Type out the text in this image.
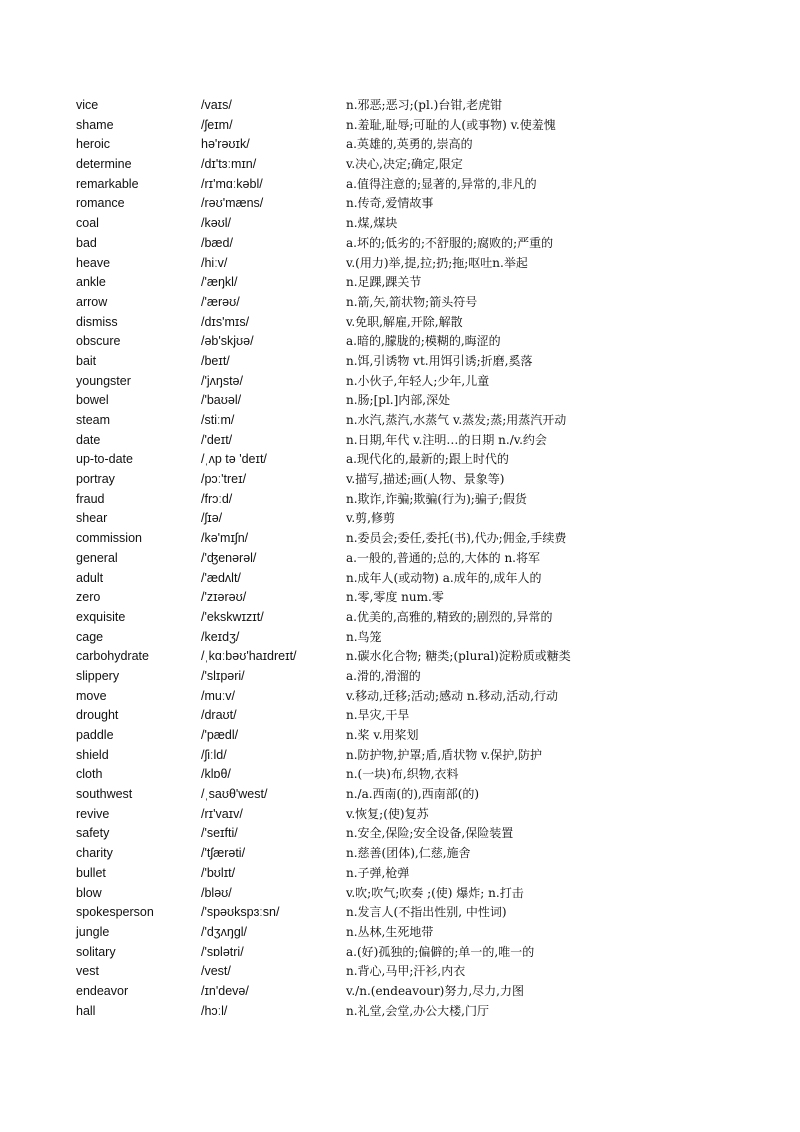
vice	/vaɪs/	n.邪恶;恶习;(pl.)台钳,老虎钳
shame	/ʃeɪm/	n.羞耻,耻辱;可耻的人(或事物) v.使羞愧
heroic	hə'rəʊɪk/	a.英雄的,英勇的,崇高的
determine	/dɪ'tɜːmɪn/	v.决心,决定;确定,限定
remarkable	/rɪ'mɑːkəbl/	a.值得注意的;显著的,异常的,非凡的
romance	/rəʊ'mæns/	n.传奇,爱情故事
coal	/kəʊl/	n.煤,煤块
bad	/bæd/	a.坏的;低劣的;不舒服的;腐败的;严重的
heave	/hiːv/	v.(用力)举,提,拉;扔;拖;呕吐n.举起
ankle	/'æŋkl/	n.足踝,踝关节
arrow	/'ærəʊ/	n.箭,矢,箭状物;箭头符号
dismiss	/dɪs'mɪs/	v.免职,解雇,开除,解散
obscure	/əb'skjʊə/	a.暗的,朦胧的;模糊的,晦涩的
bait	/beɪt/	n.饵,引诱物 vt.用饵引诱;折磨,奚落
youngster	/'jʌŋstə/	n.小伙子,年轻人;少年,儿童
bowel	/'baʊəl/	n.肠;[pl.]内部,深处
steam	/stiːm/	n.水汽,蒸汽,水蒸气 v.蒸发;蒸;用蒸汽开动
date	/'deɪt/	n.日期,年代 v.注明…的日期 n./v.约会
up-to-date	/ˌʌp tə 'deɪt/	a.现代化的,最新的;跟上时代的
portray	/pɔː'treɪ/	v.描写,描述;画(人物、景象等)
fraud	/frɔːd/	n.欺诈,诈骗;欺骗(行为);骗子;假货
shear	/ʃɪə/	v.剪,修剪
commission	/kə'mɪʃn/	n.委员会;委任,委托(书),代办;佣金,手续费
general	/'ʤenərəl/	a.一般的,普通的;总的,大体的 n.将军
adult	/'ædʌlt/	n.成年人(或动物) a.成年的,成年人的
zero	/'zɪərəʊ/	n.零,零度 num.零
exquisite	/'ekskwɪzɪt/	a.优美的,高雅的,精致的;剧烈的,异常的
cage	/keɪdʒ/	n.鸟笼
carbohydrate	/ˌkɑːbəʊ'haɪdreɪt/	n.碳水化合物; 糖类;(plural)淀粉质或糖类
slippery	/'slɪpəri/	a.滑的,滑溜的
move	/muːv/	v.移动,迁移;活动;感动 n.移动,活动,行动
drought	/draʊt/	n.旱灾,干旱
paddle	/'pædl/	n.桨 v.用桨划
shield	/ʃiːld/	n.防护物,护罩;盾,盾状物 v.保护,防护
cloth	/klɒθ/	n.(一块)布,织物,衣料
southwest	/ˌsaʊθ'west/	n./a.西南(的),西南部(的)
revive	/rɪ'vaɪv/	v.恢复;(使)复苏
safety	/'seɪfti/	n.安全,保险;安全设备,保险装置
charity	/'tʃærəti/	n.慈善(团体),仁慈,施舍
bullet	/'bʊlɪt/	n.子弹,枪弹
blow	/bləʊ/	v.吹;吹气;吹奏 ;(使) 爆炸; n.打击
spokesperson	/'spəʊkspɜːsn/	n.发言人(不指出性别, 中性词)
jungle	/'dʒʌŋgl/	n.丛林,生死地带
solitary	/'sɒlətri/	a.(好)孤独的;偏僻的;单一的,唯一的
vest	/vest/	n.背心,马甲;汗衫,内衣
endeavor	/ɪn'devə/	v./n.(endeavour)努力,尽力,力图
hall	/hɔːl/	n.礼堂,会堂,办公大楼,门厅
